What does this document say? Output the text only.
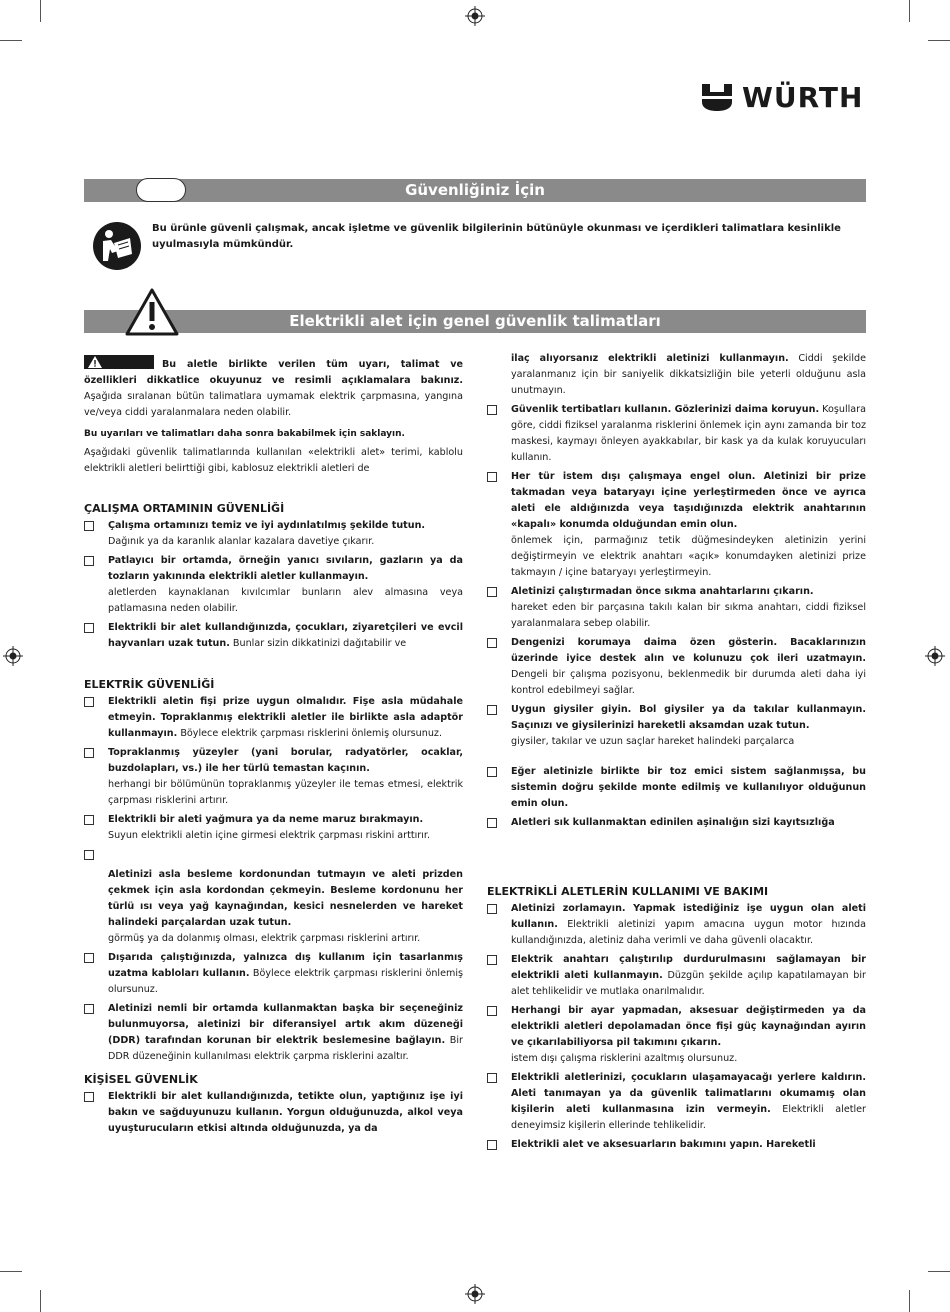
WÜRTH
Güvenliğiniz İçin
Bu ürünle güvenli çalışmak, ancak işletme ve güvenlik bilgilerinin bütünüyle okunması ve içerdikleri talimatlara kesinlikle uyulmasıyla mümkündür.
Elektrikli alet için genel güvenlik talimatları

Bu aletle birlikte verilen tüm uyarı, talimat ve özellikleri dikkatlice okuyunuz ve resimli açıklamalara bakınız. Aşağıda sıralanan bütün talimatlara uymamak elektrik çarpmasına, yangına ve/veya ciddi yaralanmalara neden olabilir.

Bu uyarıları ve talimatları daha sonra bakabilmek için saklayın.

Aşağıdaki güvenlik talimatlarında kullanılan «elektrikli alet» terimi, kablolu elektrikli aletleri belirttiği gibi, kablosuz elektrikli aletleri de

ÇALIŞMA ORTAMININ GÜVENLİĞİ

Çalışma ortamınızı temiz ve iyi aydınlatılmış şekilde tutun.
Dağınık ya da karanlık alanlar kazalara davetiye çıkarır.
Patlayıcı bir ortamda, örneğin yanıcı sıvıların, gazların ya da tozların yakınında elektrikli aletler kullanmayın.
aletlerden kaynaklanan kıvılcımlar bunların alev almasına veya patlamasına neden olabilir.
Elektrikli bir alet kullandığınızda, çocukları, ziyaretçileri ve evcil hayvanları uzak tutun. Bunlar sizin dikkatinizi dağıtabilir ve

ELEKTRİK GÜVENLİĞİ

Elektrikli aletin fişi prize uygun olmalıdır. Fişe asla müdahale etmeyin. Topraklanmış elektrikli aletler ile birlikte asla adaptör kullanmayın. Böylece elektrik çarpması risklerini önlemiş olursunuz.
Topraklanmış yüzeyler (yani borular, radyatörler, ocaklar, buzdolapları, vs.) ile her türlü temastan kaçının.
herhangi bir bölümünün topraklanmış yüzeyler ile temas etmesi, elektrik çarpması risklerini artırır.
Elektrikli bir aleti yağmura ya da neme maruz bırakmayın.
Suyun elektrikli aletin içine girmesi elektrik çarpması riskini arttırır.

Aletinizi asla besleme kordonundan tutmayın ve aleti prizden çekmek için asla kordondan çekmeyin. Besleme kordonunu her türlü ısı veya yağ kaynağından, kesici nesnelerden ve hareket halindeki parçalardan uzak tutun.
görmüş ya da dolanmış olması, elektrik çarpması risklerini artırır.
Dışarıda çalıştığınızda, yalnızca dış kullanım için tasarlanmış uzatma kabloları kullanın. Böylece elektrik çarpması risklerini önlemiş olursunuz.
Aletinizi nemli bir ortamda kullanmaktan başka bir seçeneğiniz bulunmuyorsa, aletinizi bir diferansiyel artık akım düzeneği (DDR) tarafından korunan bir elektrik beslemesine bağlayın. Bir DDR düzeneğinin kullanılması elektrik çarpma risklerini azaltır.

KİŞİSEL GÜVENLİK

Elektrikli bir alet kullandığınızda, tetikte olun, yaptığınız işe iyi bakın ve sağduyunuzu kullanın. Yorgun olduğunuzda, alkol veya uyuşturucuların etkisi altında olduğunuzda, ya da

ilaç alıyorsanız elektrikli aletinizi kullanmayın. Ciddi şekilde yaralanmanız için bir saniyelik dikkatsizliğin bile yeterli olduğunu asla unutmayın.

Güvenlik tertibatları kullanın. Gözlerinizi daima koruyun. Koşullara göre, ciddi fiziksel yaralanma risklerini önlemek için aynı zamanda bir toz maskesi, kaymayı önleyen ayakkabılar, bir kask ya da kulak koruyucuları kullanın.
Her tür istem dışı çalışmaya engel olun. Aletinizi bir prize takmadan veya bataryayı içine yerleştirmeden önce ve ayrıca aleti ele aldığınızda veya taşıdığınızda elektrik anahtarının «kapalı» konumda olduğundan emin olun.
önlemek için, parmağınız tetik düğmesindeyken aletinizin yerini değiştirmeyin ve elektrik anahtarı «açık» konumdayken aletinizi prize takmayın / içine bataryayı yerleştirmeyin.
Aletinizi çalıştırmadan önce sıkma anahtarlarını çıkarın.
hareket eden bir parçasına takılı kalan bir sıkma anahtarı, ciddi fiziksel yaralanmalara sebep olabilir.
Dengenizi korumaya daima özen gösterin. Bacaklarınızın üzerinde iyice destek alın ve kolunuzu çok ileri uzatmayın. Dengeli bir çalışma pozisyonu, beklenmedik bir durumda aleti daha iyi kontrol edebilmeyi sağlar.
Uygun giysiler giyin. Bol giysiler ya da takılar kullanmayın. Saçınızı ve giysilerinizi hareketli aksamdan uzak tutun.
giysiler, takılar ve uzun saçlar hareket halindeki parçalarca
Eğer aletinizle birlikte bir toz emici sistem sağlanmışsa, bu sistemin doğru şekilde monte edilmiş ve kullanılıyor olduğunun emin olun.
Aletleri sık kullanmaktan edinilen aşinalığın sizi kayıtsızlığa

ELEKTRİKLİ ALETLERİN KULLANIMI VE BAKIMI

Aletinizi zorlamayın. Yapmak istediğiniz işe uygun olan aleti kullanın. Elektrikli aletinizi yapım amacına uygun motor hızında kullandığınızda, aletiniz daha verimli ve daha güvenli olacaktır.
Elektrik anahtarı çalıştırılıp durdurulmasını sağlamayan bir elektrikli aleti kullanmayın. Düzgün şekilde açılıp kapatılamayan bir alet tehlikelidir ve mutlaka onarılmalıdır.
Herhangi bir ayar yapmadan, aksesuar değiştirmeden ya da elektrikli aletleri depolamadan önce fişi güç kaynağından ayırın ve çıkarılabiliyorsa pil takımını çıkarın.
istem dışı çalışma risklerini azaltmış olursunuz.
Elektrikli aletlerinizi, çocukların ulaşamayacağı yerlere kaldırın. Aleti tanımayan ya da güvenlik talimatlarını okumamış olan kişilerin aleti kullanmasına izin vermeyin. Elektrikli aletler deneyimsiz kişilerin ellerinde tehlikelidir.
Elektrikli alet ve aksesuarların bakımını yapın. Hareketli
